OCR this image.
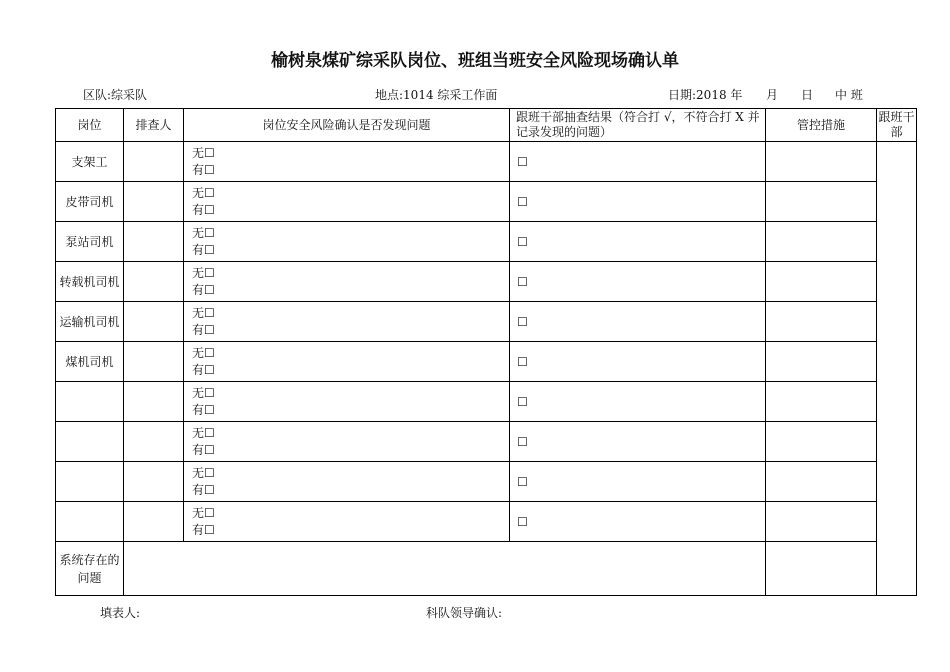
榆树泉煤矿综采队岗位、班组当班安全风险现场确认单
区队:综采队	地点:1014 综采工作面	日期:2018 年 月 日 中 班
岗位	排查人	岗位安全风险确认是否发现问题	跟班干部抽查结果（符合打 √，不符合打 X 并记录发现的问题）	管控措施	跟班干部
支架工		无☐
有☐	☐		
皮带司机		无☐
有☐	☐		
泵站司机		无☐
有☐	☐		
转载机司机		无☐
有☐	☐		
运输机司机		无☐
有☐	☐		
煤机司机		无☐
有☐	☐		

		无☐
有☐	☐		

		无☐
有☐	☐		

		无☐
有☐	☐		

		无☐
有☐	☐		
系统存在的问题					
填表人:	科队领导确认:
